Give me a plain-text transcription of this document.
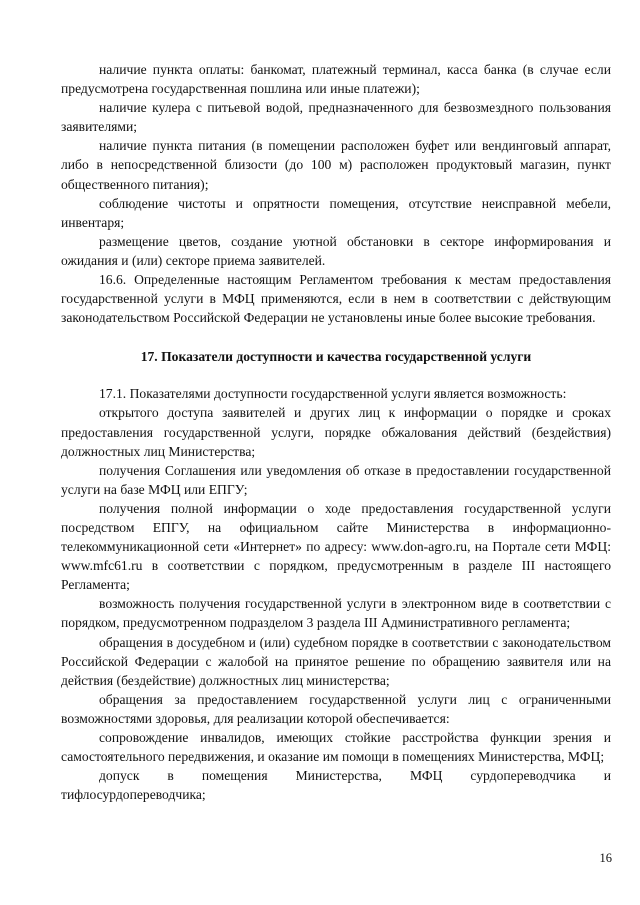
наличие пункта оплаты: банкомат, платежный терминал, касса банка (в случае если предусмотрена государственная пошлина или иные платежи);

наличие кулера с питьевой водой, предназначенного для безвозмездного пользования заявителями;

наличие пункта питания (в помещении расположен буфет или вендинговый аппарат, либо в непосредственной близости (до 100 м) расположен продуктовый магазин, пункт общественного питания);

соблюдение чистоты и опрятности помещения, отсутствие неисправной мебели, инвентаря;

размещение цветов, создание уютной обстановки в секторе информирования и ожидания и (или) секторе приема заявителей.

16.6. Определенные настоящим Регламентом требования к местам предоставления государственной услуги в МФЦ применяются, если в нем в соответствии с действующим законодательством Российской Федерации не установлены иные более высокие требования.

17. Показатели доступности и качества государственной услуги

17.1. Показателями доступности государственной услуги является возможность:

открытого доступа заявителей и других лиц к информации о порядке и сроках предоставления государственной услуги, порядке обжалования действий (бездействия) должностных лиц Министерства;

получения Соглашения или уведомления об отказе в предоставлении государственной услуги на базе МФЦ или ЕПГУ;

получения полной информации о ходе предоставления государственной услуги посредством ЕПГУ, на официальном сайте Министерства в информационно-телекоммуникационной сети «Интернет» по адресу: www.don-agro.ru, на Портале сети МФЦ: www.mfc61.ru в соответствии с порядком, предусмотренным в разделе III настоящего Регламента;

возможность получения государственной услуги в электронном виде в соответствии с порядком, предусмотренном подразделом 3 раздела III Административного регламента;

обращения в досудебном и (или) судебном порядке в соответствии с законодательством Российской Федерации с жалобой на принятое решение по обращению заявителя или на действия (бездействие) должностных лиц министерства;

обращения за предоставлением государственной услуги лиц с ограниченными возможностями здоровья, для реализации которой обеспечивается:

сопровождение инвалидов, имеющих стойкие расстройства функции зрения и самостоятельного передвижения, и оказание им помощи в помещениях Министерства, МФЦ;

допуск в помещения Министерства, МФЦ сурдопереводчика и тифлосурдопереводчика;

16
